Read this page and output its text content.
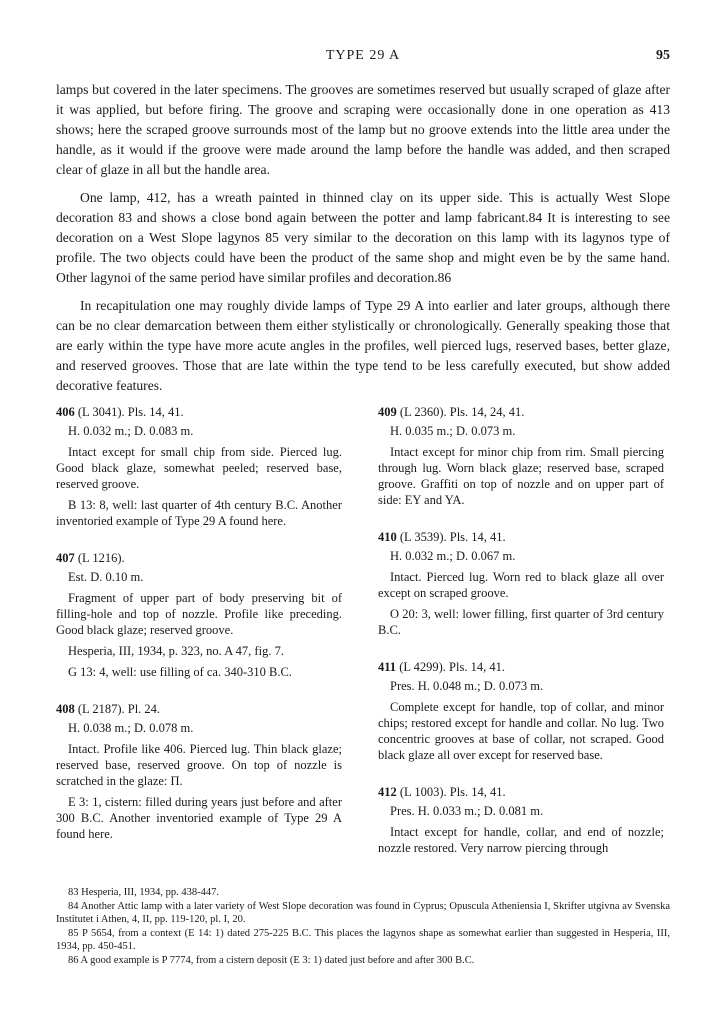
TYPE 29 A	95

lamps but covered in the later specimens. The grooves are sometimes reserved but usually scraped of glaze after it was applied, but before firing. The groove and scraping were occasionally done in one operation as 413 shows; here the scraped groove surrounds most of the lamp but no groove extends into the little area under the handle, as it would if the groove were made around the lamp before the handle was added, and then scraped clear of glaze in all but the handle area.

One lamp, 412, has a wreath painted in thinned clay on its upper side. This is actually West Slope decoration 83 and shows a close bond again between the potter and lamp fabricant.84 It is interesting to see decoration on a West Slope lagynos 85 very similar to the decoration on this lamp with its lagynos type of profile. The two objects could have been the product of the same shop and might even be by the same hand. Other lagynoi of the same period have similar profiles and decoration.86

In recapitulation one may roughly divide lamps of Type 29 A into earlier and later groups, although there can be no clear demarcation between them either stylistically or chronologically. Generally speaking those that are early within the type have more acute angles in the profiles, well pierced lugs, reserved bases, better glaze, and reserved grooves. Those that are late within the type tend to be less carefully executed, but show added decorative features.

406 (L 3041). Pls. 14, 41.

H. 0.032 m.; D. 0.083 m.

Intact except for small chip from side. Pierced lug. Good black glaze, somewhat peeled; reserved base, reserved groove.

B 13: 8, well: last quarter of 4th century B.C. Another inventoried example of Type 29 A found here.

407 (L 1216).

Est. D. 0.10 m.

Fragment of upper part of body preserving bit of filling-hole and top of nozzle. Profile like preceding. Good black glaze; reserved groove.

Hesperia, III, 1934, p. 323, no. A 47, fig. 7.

G 13: 4, well: use filling of ca. 340-310 B.C.

408 (L 2187). Pl. 24.

H. 0.038 m.; D. 0.078 m.

Intact. Profile like 406. Pierced lug. Thin black glaze; reserved base, reserved groove. On top of nozzle is scratched in the glaze: Π.

E 3: 1, cistern: filled during years just before and after 300 B.C. Another inventoried example of Type 29 A found here.

409 (L 2360). Pls. 14, 24, 41.

H. 0.035 m.; D. 0.073 m.

Intact except for minor chip from rim. Small piercing through lug. Worn black glaze; reserved base, scraped groove. Graffiti on top of nozzle and on upper part of side: EY and YA.

410 (L 3539). Pls. 14, 41.

H. 0.032 m.; D. 0.067 m.

Intact. Pierced lug. Worn red to black glaze all over except on scraped groove.

O 20: 3, well: lower filling, first quarter of 3rd century B.C.

411 (L 4299). Pls. 14, 41.

Pres. H. 0.048 m.; D. 0.073 m.

Complete except for handle, top of collar, and minor chips; restored except for handle and collar. No lug. Two concentric grooves at base of collar, not scraped. Good black glaze all over except for reserved base.

412 (L 1003). Pls. 14, 41.

Pres. H. 0.033 m.; D. 0.081 m.

Intact except for handle, collar, and end of nozzle; nozzle restored. Very narrow piercing through

83 Hesperia, III, 1934, pp. 438-447.

84 Another Attic lamp with a later variety of West Slope decoration was found in Cyprus; Opuscula Atheniensia I, Skrifter utgivna av Svenska Institutet i Athen, 4, II, pp. 119-120, pl. I, 20.

85 P 5654, from a context (E 14: 1) dated 275-225 B.C. This places the lagynos shape as somewhat earlier than suggested in Hesperia, III, 1934, pp. 450-451.

86 A good example is P 7774, from a cistern deposit (E 3: 1) dated just before and after 300 B.C.
